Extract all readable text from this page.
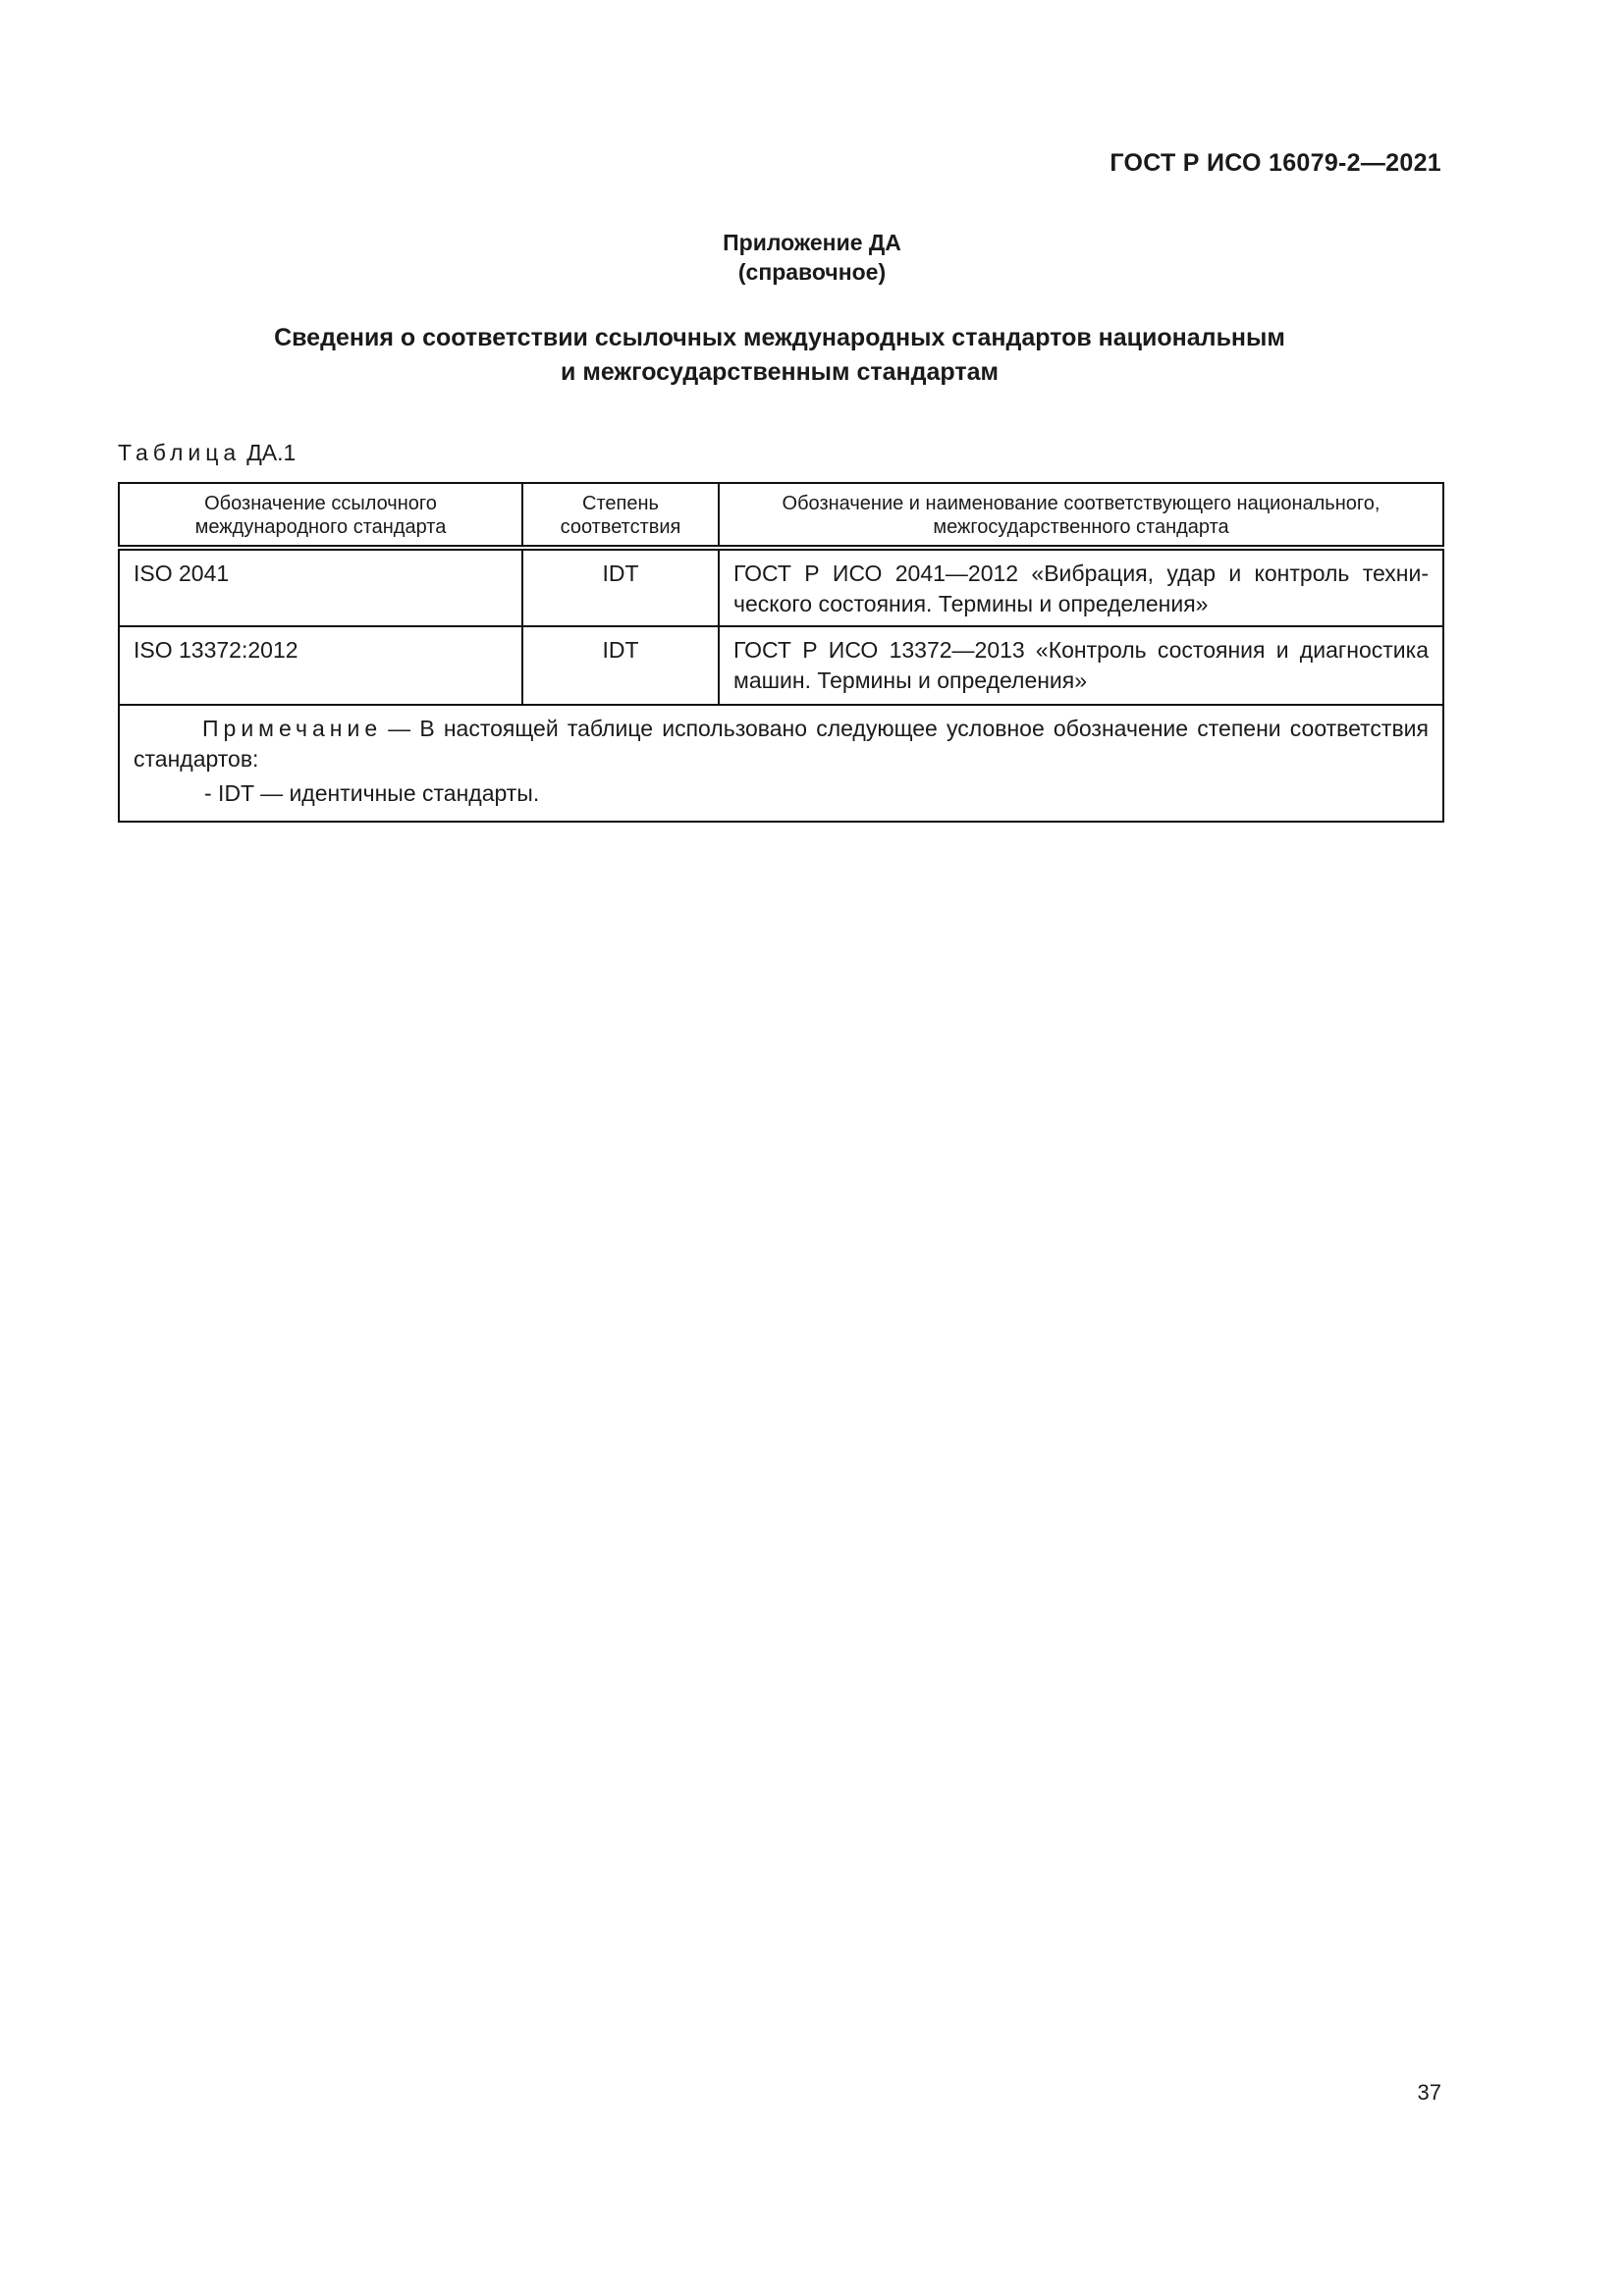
ГОСТ Р ИСО 16079-2—2021
Приложение ДА
(справочное)
Сведения о соответствии ссылочных международных стандартов национальным
и межгосударственным стандартам
Таблица ДА.1
Обозначение ссылочного международного стандарта	Степень соответствия	Обозначение и наименование соответствующего национального, межгосударственного стандарта
ISO 2041	IDT	ГОСТ Р ИСО 2041—2012 «Вибрация, удар и контроль технического состояния. Термины и определения»
ISO 13372:2012	IDT	ГОСТ Р ИСО 13372—2013 «Контроль состояния и диагностика машин. Термины и определения»

Примечание — В настоящей таблице использовано следующее условное обозначение степени соответствия стандартов:
- IDT — идентичные стандарты.		
37
